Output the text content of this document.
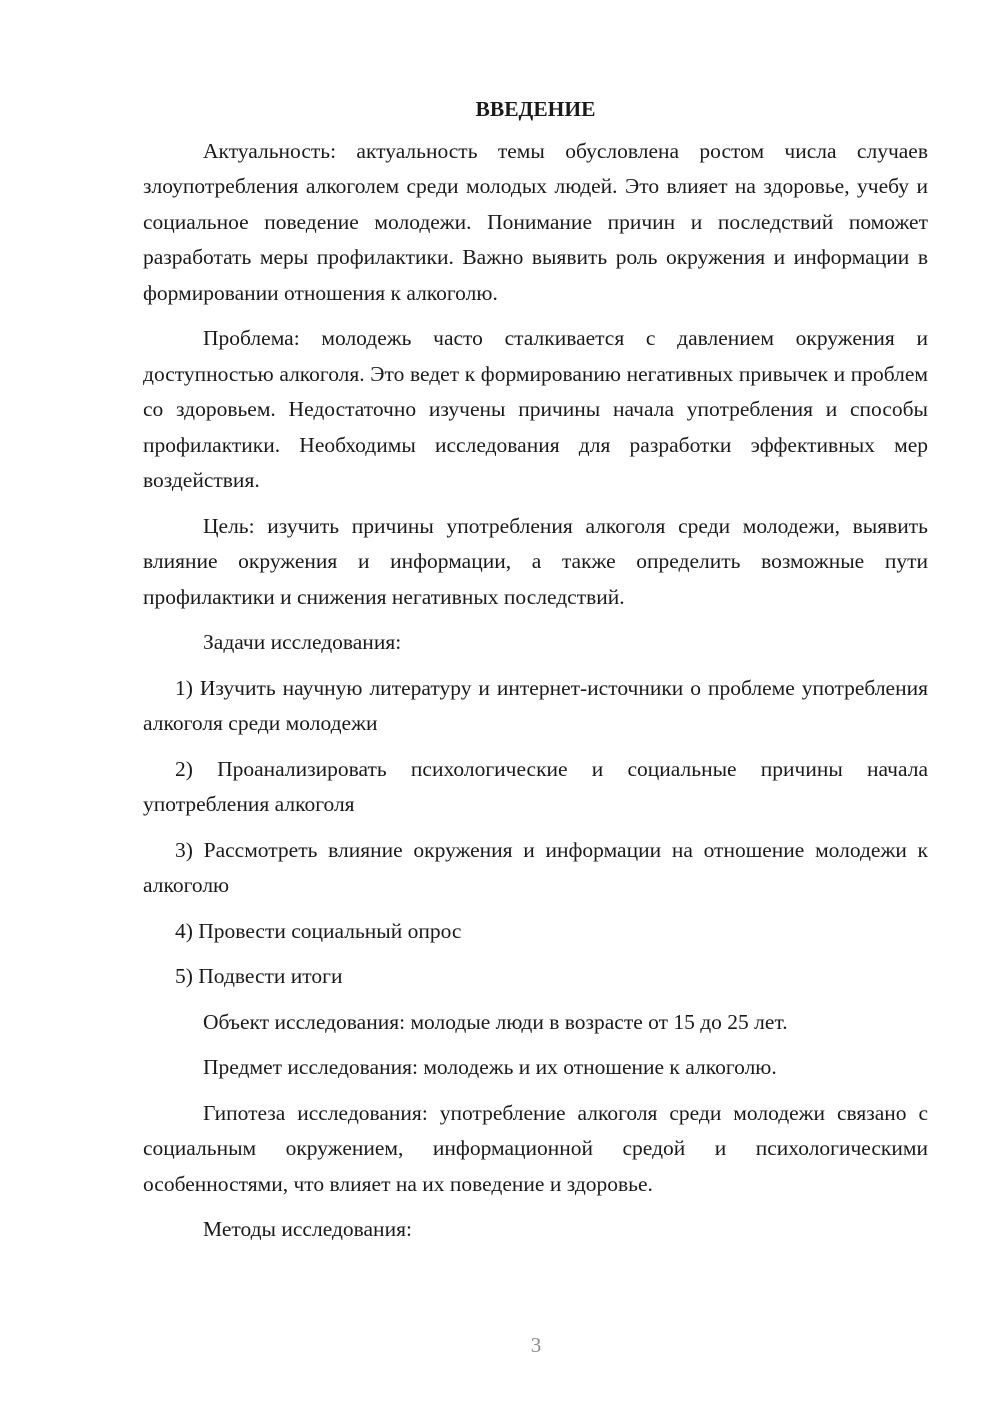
ВВЕДЕНИЕ

Актуальность: актуальность темы обусловлена ростом числа случаев злоупотребления алкоголем среди молодых людей. Это влияет на здоровье, учебу и социальное поведение молодежи. Понимание причин и последствий поможет разработать меры профилактики. Важно выявить роль окружения и информации в формировании отношения к алкоголю.

Проблема: молодежь часто сталкивается с давлением окружения и доступностью алкоголя. Это ведет к формированию негативных привычек и проблем со здоровьем. Недостаточно изучены причины начала употребления и способы профилактики. Необходимы исследования для разработки эффективных мер воздействия.

Цель: изучить причины употребления алкоголя среди молодежи, выявить влияние окружения и информации, а также определить возможные пути профилактики и снижения негативных последствий.

Задачи исследования:

1) Изучить научную литературу и интернет-источники о проблеме употребления алкоголя среди молодежи

2) Проанализировать психологические и социальные причины начала употребления алкоголя

3) Рассмотреть влияние окружения и информации на отношение молодежи к алкоголю

4) Провести социальный опрос

5) Подвести итоги

Объект исследования: молодые люди в возрасте от 15 до 25 лет.

Предмет исследования: молодежь и их отношение к алкоголю.

Гипотеза исследования: употребление алкоголя среди молодежи связано с социальным окружением, информационной средой и психологическими особенностями, что влияет на их поведение и здоровье.

Методы исследования:

3
